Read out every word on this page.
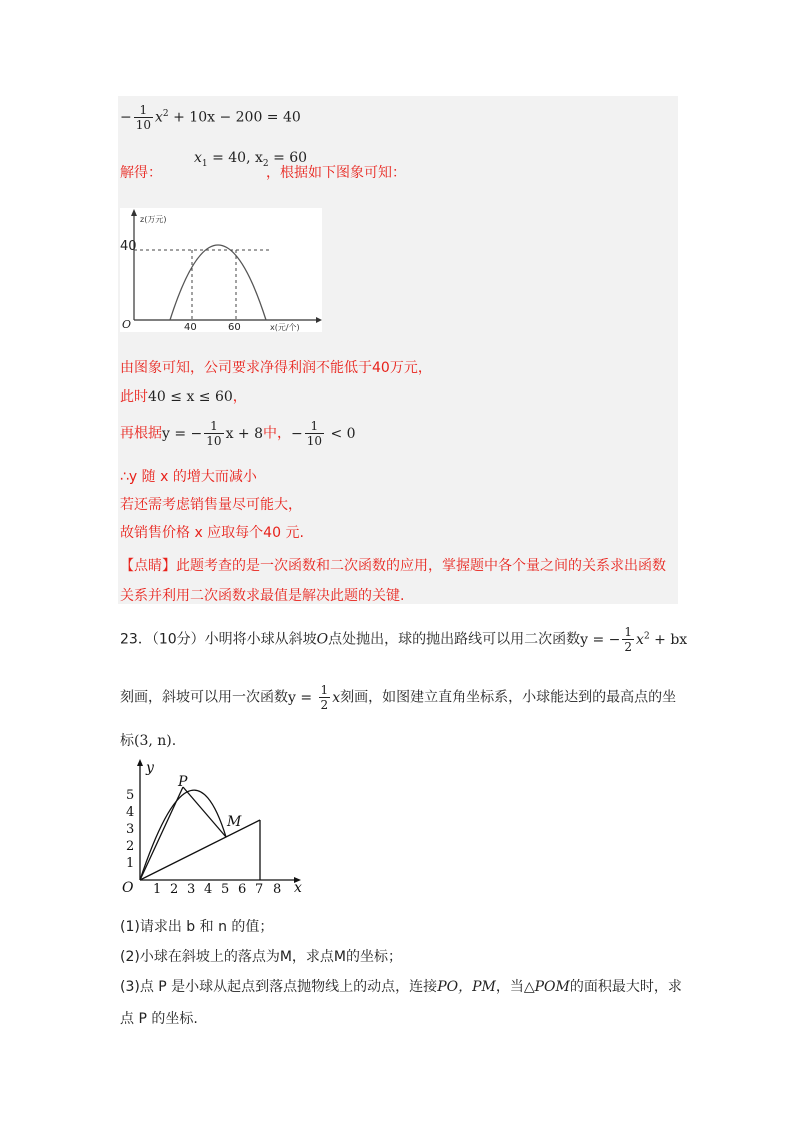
− $\frac{1}{10} x^2 + 10x - 200 = 40$
解得：
$x_1 = 40$, $x_2 = 60$
，根据如下图象可知：
z(万元)
40
O	40	60	x(元/个)
由图象可知，公司要求净得利润不能低于40万元，
此时40 ≤ x ≤ 60，
再根据y = − $\frac{1}{10}$ x + 8中，− $\frac{1}{10} < 0$
∴y 随 x 的增大而减小
若还需考虑销售量尽可能大，
故销售价格 x 应取每个40 元.
【点睛】此题考查的是一次函数和二次函数的应用，掌握题中各个量之间的关系求出函数
关系并利用二次函数求最值是解决此题的关键.
23．（10分）小明将小球从斜坡O点处抛出，球的抛出路线可以用二次函数y = − $\frac{1}{2} x^2$ + bx
刻画，斜坡可以用一次函数$y = \frac{1}{2}$ x刻画，如图建立直角坐标系，小球能达到的最高点的坐
标(3, n).
y
x
O
P
M
1
2
3
4
5
1 2 3 4 5 6 7 8
(1)请求出 b 和 n 的值；
(2)小球在斜坡上的落点为M，求点M的坐标；
(3)点 P 是小球从起点到落点抛物线上的动点，连接PO，PM，当△POM的面积最大时，求
点 P 的坐标.
